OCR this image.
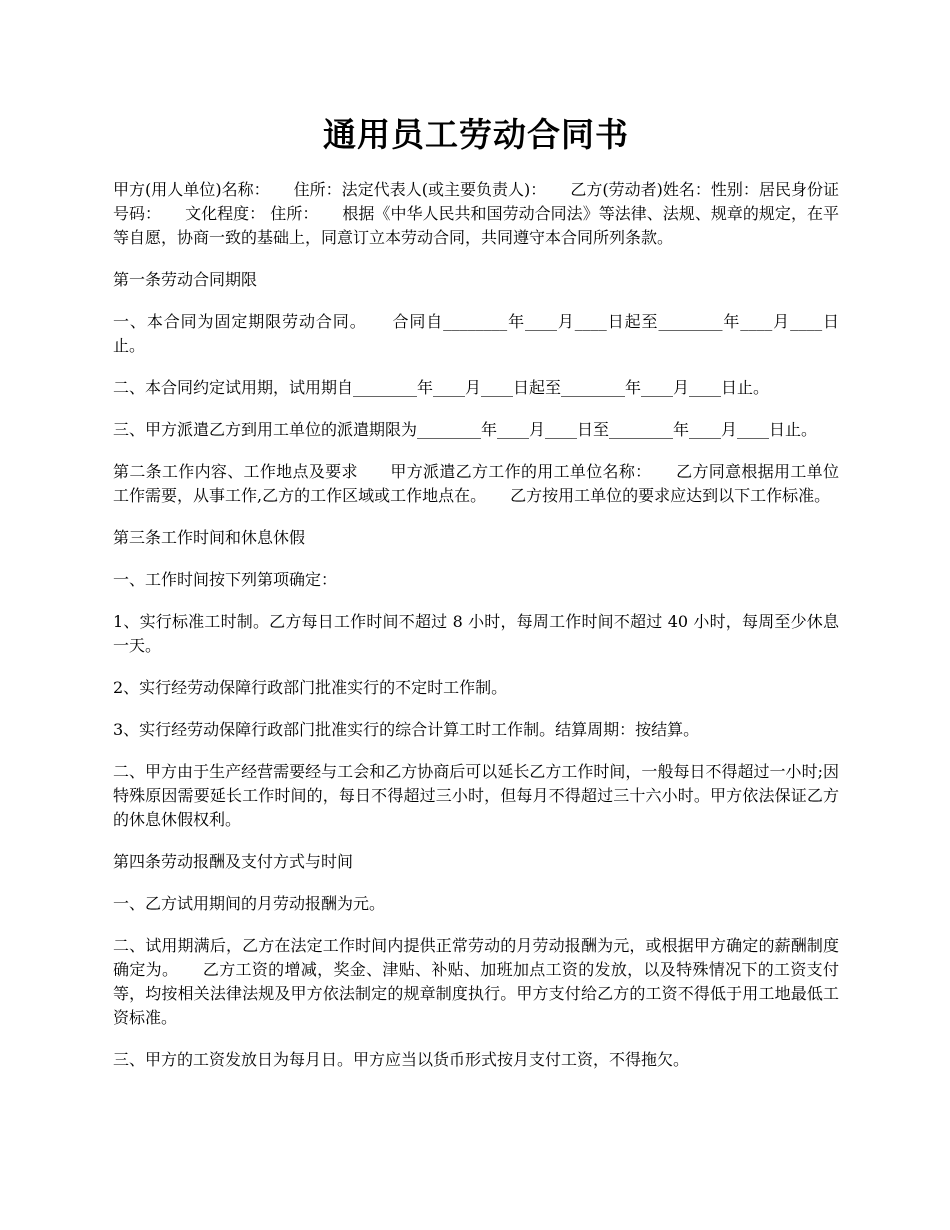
通用员工劳动合同书

甲方(用人单位)名称：　　住所：法定代表人(或主要负责人)：　　乙方(劳动者)姓名：性别：居民身份证号码：　　文化程度： 住所：　　根据《中华人民共和国劳动合同法》等法律、法规、规章的规定，在平等自愿，协商一致的基础上，同意订立本劳动合同，共同遵守本合同所列条款。

第一条劳动合同期限

一、本合同为固定期限劳动合同。　　合同自________年____月____日起至________年____月____日止。

二、本合同约定试用期，试用期自________年____月____日起至________年____月____日止。

三、甲方派遣乙方到用工单位的派遣期限为________年____月____日至________年____月____日止。

第二条工作内容、工作地点及要求　　甲方派遣乙方工作的用工单位名称：　　乙方同意根据用工单位工作需要，从事工作,乙方的工作区域或工作地点在。　　乙方按用工单位的要求应达到以下工作标准。

第三条工作时间和休息休假

一、工作时间按下列第项确定：

1、实行标准工时制。乙方每日工作时间不超过 8 小时，每周工作时间不超过 40 小时，每周至少休息一天。

2、实行经劳动保障行政部门批准实行的不定时工作制。

3、实行经劳动保障行政部门批准实行的综合计算工时工作制。结算周期：按结算。

二、甲方由于生产经营需要经与工会和乙方协商后可以延长乙方工作时间，一般每日不得超过一小时;因特殊原因需要延长工作时间的，每日不得超过三小时，但每月不得超过三十六小时。甲方依法保证乙方的休息休假权利。

第四条劳动报酬及支付方式与时间

一、乙方试用期间的月劳动报酬为元。

二、试用期满后，乙方在法定工作时间内提供正常劳动的月劳动报酬为元，或根据甲方确定的薪酬制度确定为。　　乙方工资的增减，奖金、津贴、补贴、加班加点工资的发放，以及特殊情况下的工资支付等，均按相关法律法规及甲方依法制定的规章制度执行。甲方支付给乙方的工资不得低于用工地最低工资标准。

三、甲方的工资发放日为每月日。甲方应当以货币形式按月支付工资，不得拖欠。
